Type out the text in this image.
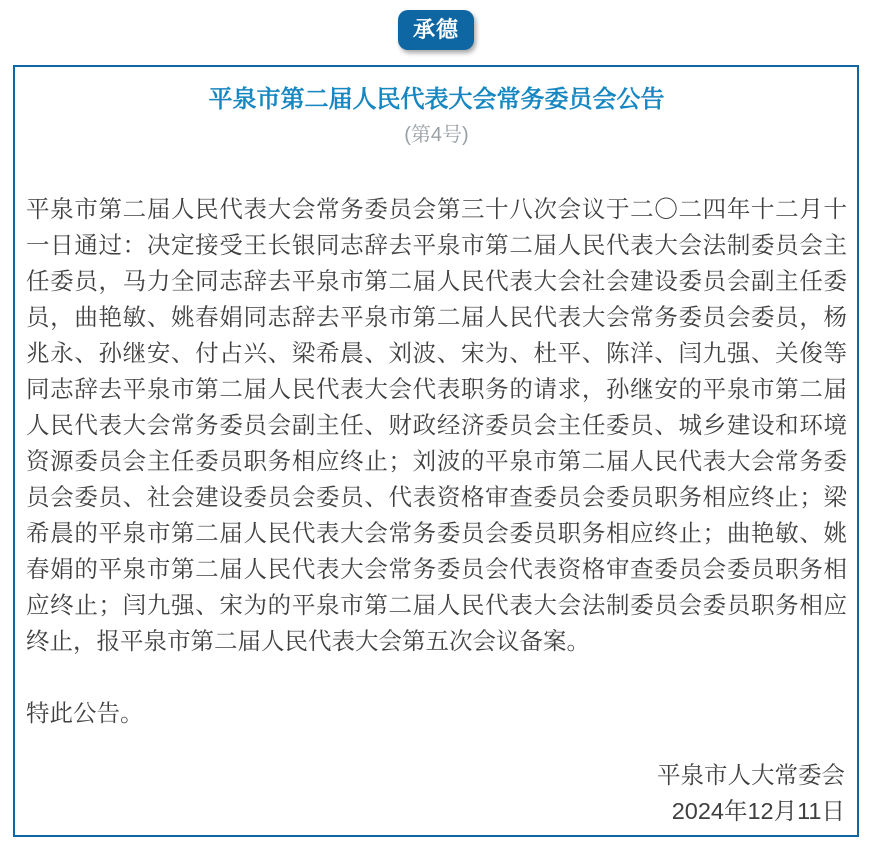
承德
平泉市第二届人民代表大会常务委员会公告
(第4号)

平泉市第二届人民代表大会常务委员会第三十八次会议于二〇二四年十二月十一日通过：决定接受王长银同志辞去平泉市第二届人民代表大会法制委员会主任委员，马力全同志辞去平泉市第二届人民代表大会社会建设委员会副主任委员，曲艳敏、姚春娟同志辞去平泉市第二届人民代表大会常务委员会委员，杨兆永、孙继安、付占兴、梁希晨、刘波、宋为、杜平、陈洋、闫九强、关俊等同志辞去平泉市第二届人民代表大会代表职务的请求，孙继安的平泉市第二届人民代表大会常务委员会副主任、财政经济委员会主任委员、城乡建设和环境资源委员会主任委员职务相应终止；刘波的平泉市第二届人民代表大会常务委员会委员、社会建设委员会委员、代表资格审查委员会委员职务相应终止；梁希晨的平泉市第二届人民代表大会常务委员会委员职务相应终止；曲艳敏、姚春娟的平泉市第二届人民代表大会常务委员会代表资格审查委员会委员职务相应终止；闫九强、宋为的平泉市第二届人民代表大会法制委员会委员职务相应终止，报平泉市第二届人民代表大会第五次会议备案。

特此公告。

平泉市人大常委会
2024年12月11日
